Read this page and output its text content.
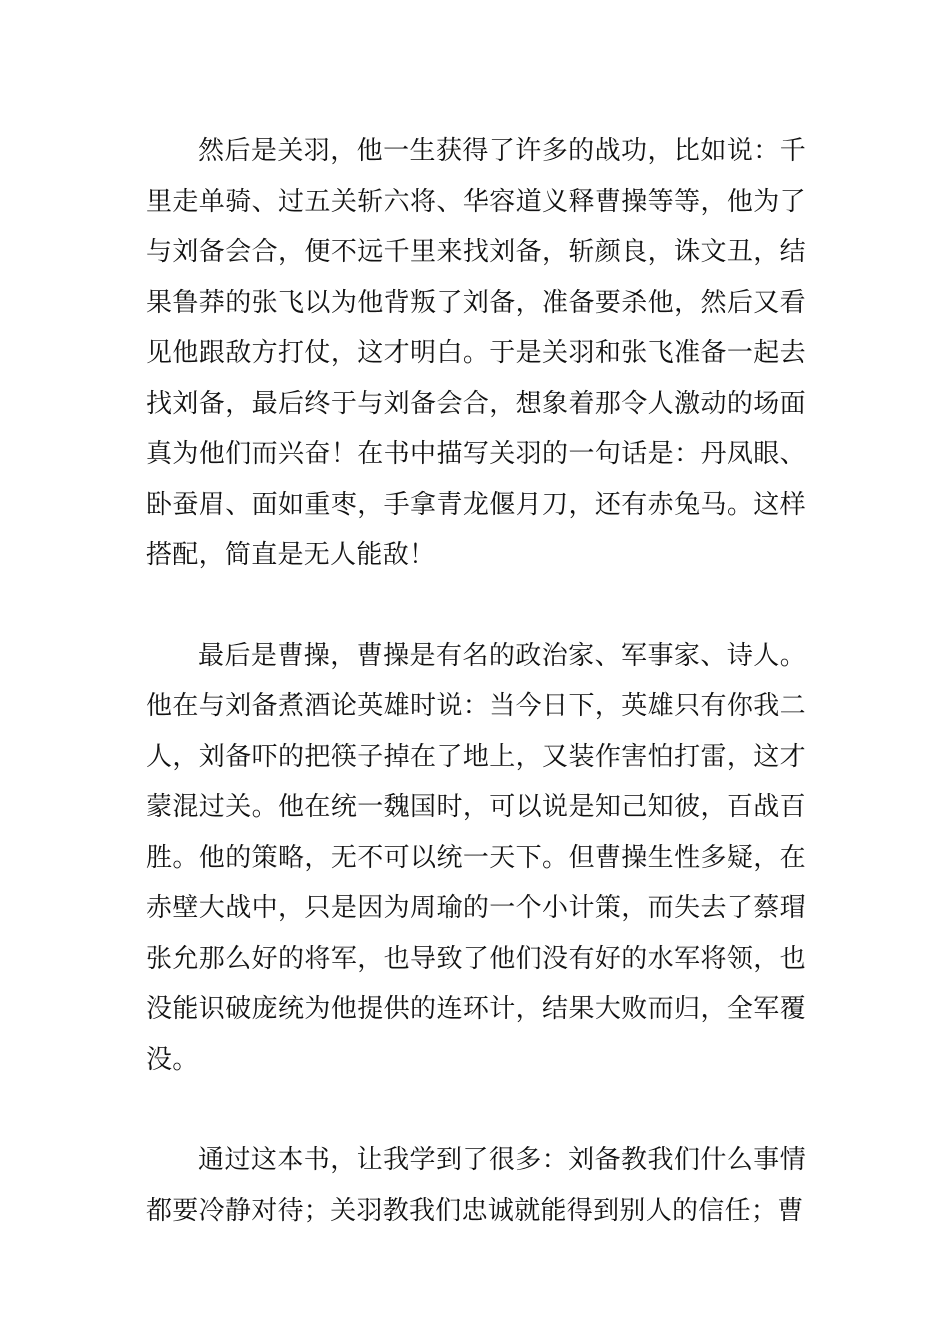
然后是关羽，他一生获得了许多的战功，比如说：千里走单骑、过五关斩六将、华容道义释曹操等等，他为了与刘备会合，便不远千里来找刘备，斩颜良，诛文丑，结果鲁莽的张飞以为他背叛了刘备，准备要杀他，然后又看见他跟敌方打仗，这才明白。于是关羽和张飞准备一起去找刘备，最后终于与刘备会合，想象着那令人激动的场面真为他们而兴奋！在书中描写关羽的一句话是：丹凤眼、卧蚕眉、面如重枣，手拿青龙偃月刀，还有赤兔马。这样搭配，简直是无人能敌！

最后是曹操，曹操是有名的政治家、军事家、诗人。他在与刘备煮酒论英雄时说：当今日下，英雄只有你我二人，刘备吓的把筷子掉在了地上，又装作害怕打雷，这才蒙混过关。他在统一魏国时，可以说是知己知彼，百战百胜。他的策略，无不可以统一天下。但曹操生性多疑，在赤壁大战中，只是因为周瑜的一个小计策，而失去了蔡瑁张允那么好的将军，也导致了他们没有好的水军将领，也没能识破庞统为他提供的连环计，结果大败而归，全军覆没。

通过这本书，让我学到了很多：刘备教我们什么事情都要冷静对待；关羽教我们忠诚就能得到别人的信任；曹
